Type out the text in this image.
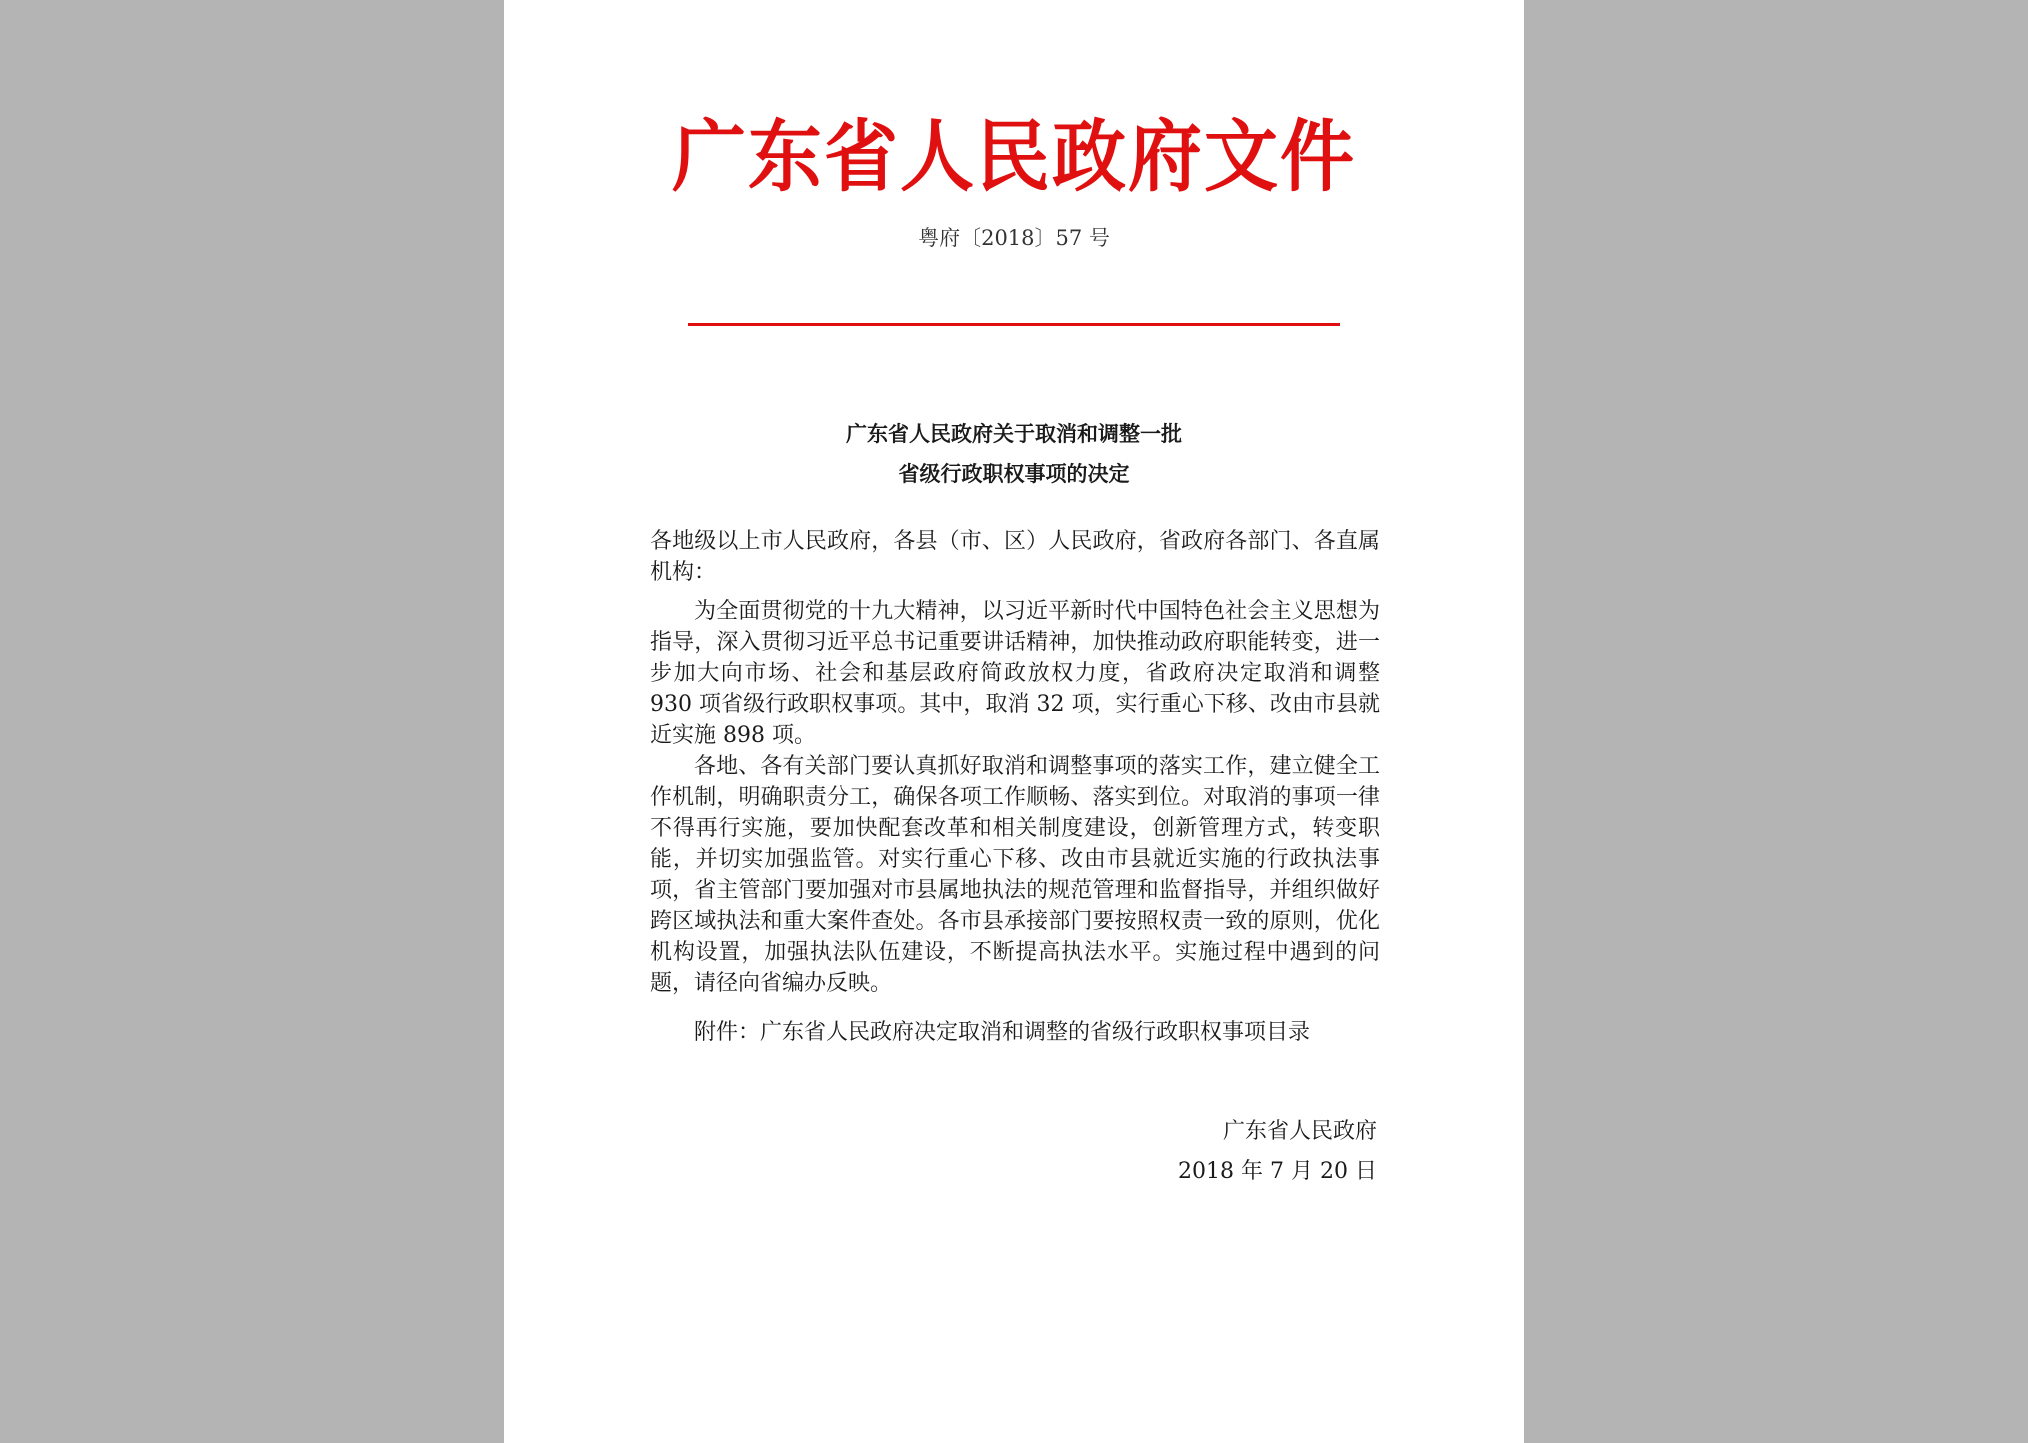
广东省人民政府文件
粤府〔2018〕57 号
广东省人民政府关于取消和调整一批
省级行政职权事项的决定

各地级以上市人民政府，各县（市、区）人民政府，省政府各部门、各直属机构：

为全面贯彻党的十九大精神，以习近平新时代中国特色社会主义思想为指导，深入贯彻习近平总书记重要讲话精神，加快推动政府职能转变，进一步加大向市场、社会和基层政府简政放权力度，省政府决定取消和调整 930 项省级行政职权事项。其中，取消 32 项，实行重心下移、改由市县就近实施 898 项。

各地、各有关部门要认真抓好取消和调整事项的落实工作，建立健全工作机制，明确职责分工，确保各项工作顺畅、落实到位。对取消的事项一律不得再行实施，要加快配套改革和相关制度建设，创新管理方式，转变职能，并切实加强监管。对实行重心下移、改由市县就近实施的行政执法事项，省主管部门要加强对市县属地执法的规范管理和监督指导，并组织做好跨区域执法和重大案件查处。各市县承接部门要按照权责一致的原则，优化机构设置，加强执法队伍建设，不断提高执法水平。实施过程中遇到的问题，请径向省编办反映。

附件：广东省人民政府决定取消和调整的省级行政职权事项目录

广东省人民政府
2018 年 7 月 20 日
